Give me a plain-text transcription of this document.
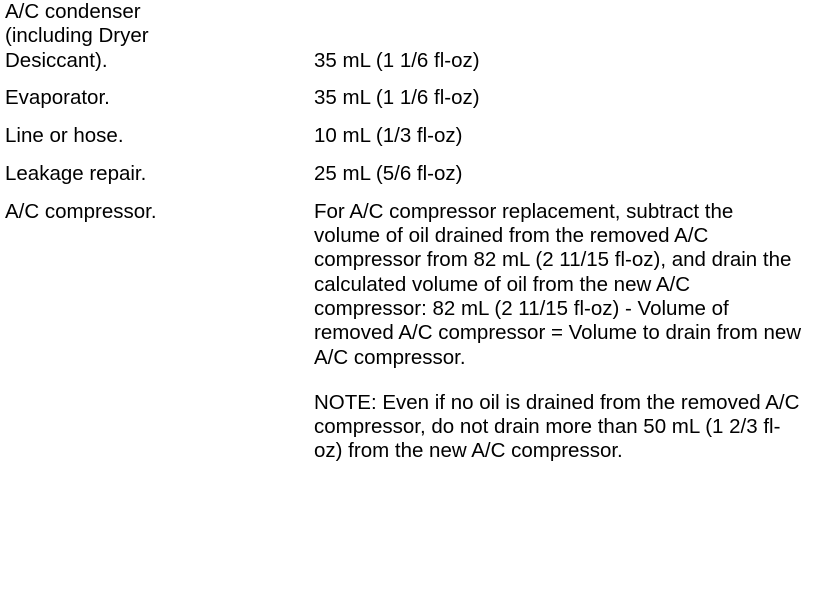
A/C condenser
(including Dryer
Desiccant).	35 mL (1 1/6 fl-oz)
Evaporator.	35 mL (1 1/6 fl-oz)
Line or hose.	10 mL (1/3 fl-oz)
Leakage repair.	25 mL (5/6 fl-oz)
A/C compressor.	For A/C compressor replacement, subtract the volume of oil drained from the removed A/C compressor from 82 mL (2 11/15 fl-oz), and drain the calculated volume of oil from the new A/C compressor: 82 mL (2 11/15 fl-oz) - Volume of removed A/C compressor = Volume to drain from new A/C compressor.

NOTE: Even if no oil is drained from the removed A/C compressor, do not drain more than 50 mL (1 2/3 fl-oz) from the new A/C compressor.
